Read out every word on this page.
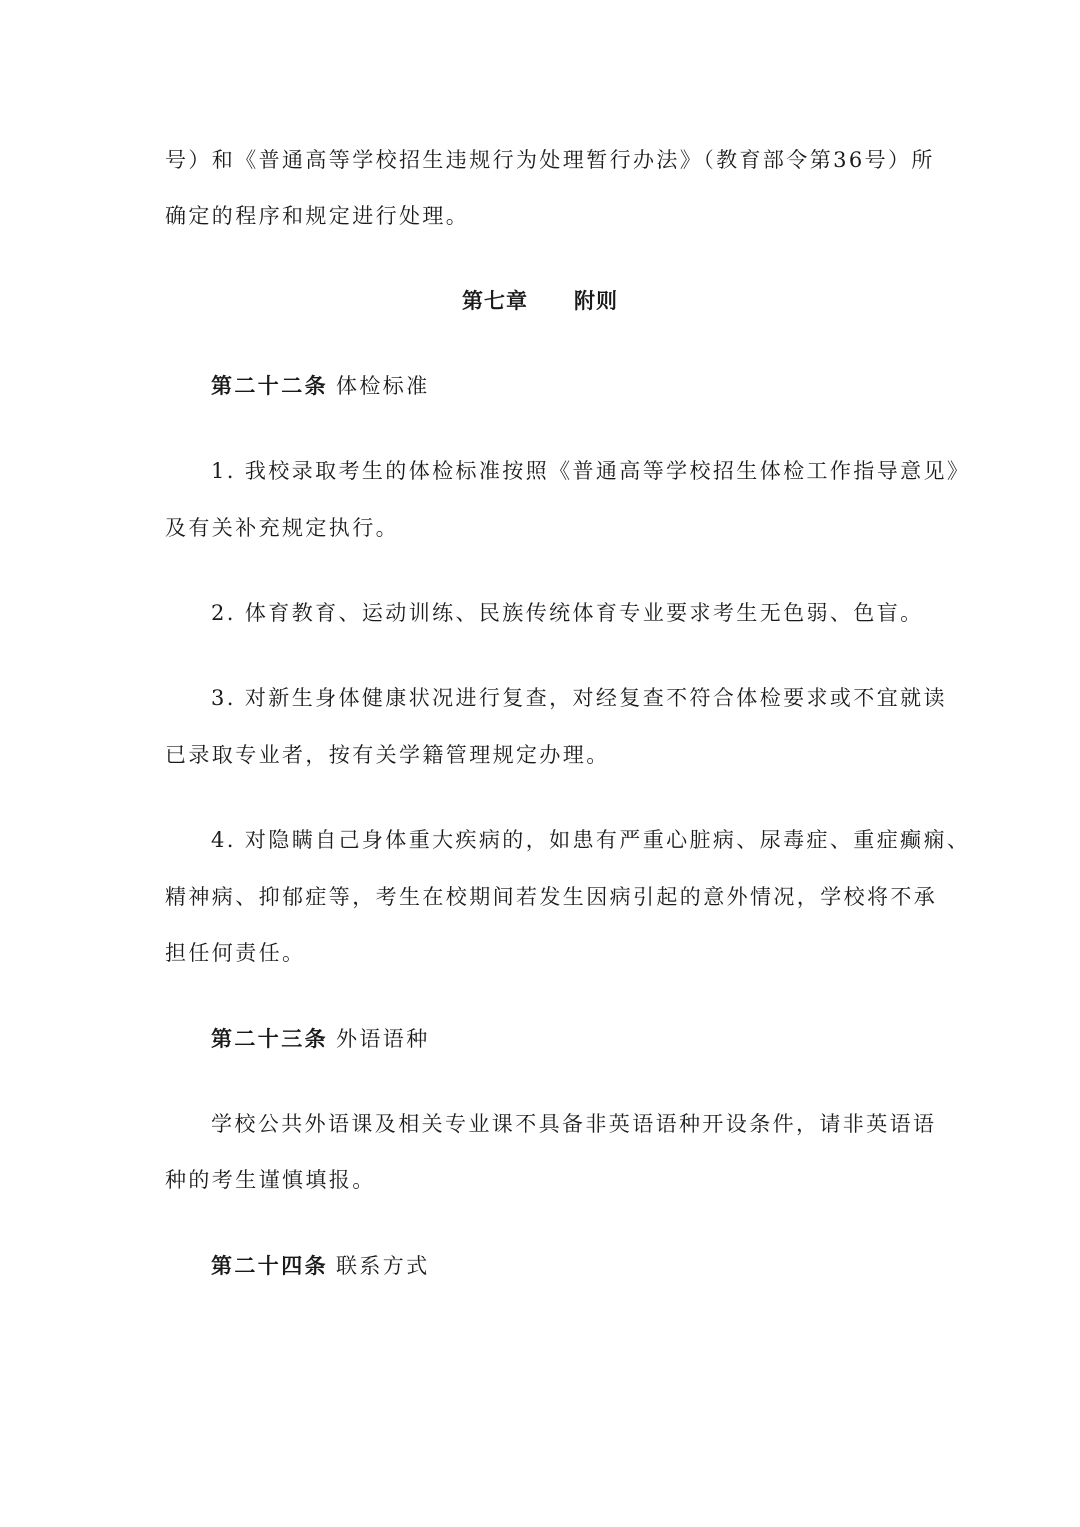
号）和《普通高等学校招生违规行为处理暂行办法》（教育部令第36号）所
确定的程序和规定进行处理。
第七章 附则
第二十二条 体检标准
1. 我校录取考生的体检标准按照《普通高等学校招生体检工作指导意见》
及有关补充规定执行。
2. 体育教育、运动训练、民族传统体育专业要求考生无色弱、色盲。
3. 对新生身体健康状况进行复查，对经复查不符合体检要求或不宜就读
已录取专业者，按有关学籍管理规定办理。
4. 对隐瞒自己身体重大疾病的，如患有严重心脏病、尿毒症、重症癫痫、
精神病、抑郁症等，考生在校期间若发生因病引起的意外情况，学校将不承
担任何责任。
第二十三条 外语语种
学校公共外语课及相关专业课不具备非英语语种开设条件，请非英语语
种的考生谨慎填报。
第二十四条 联系方式
